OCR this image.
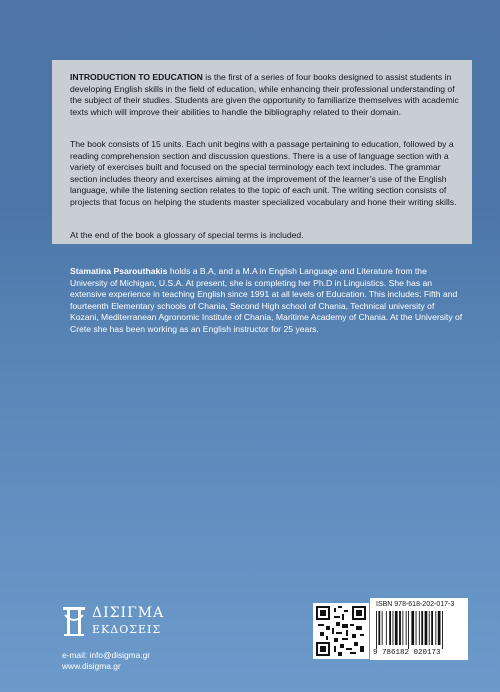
INTRODUCTION TO EDUCATION is the first of a series of four books designed to assist students in developing English skills in the field of education, while enhancing their professional understanding of the subject of their studies. Students are given the opportunity to familiarize themselves with academic texts which will improve their abilities to handle the bibliography related to their domain.

The book consists of 15 units. Each unit begins with a passage pertaining to education, followed by a reading comprehension section and discussion questions. There is a use of language section with a variety of exercises built and focused on the special terminology each text includes. The grammar section includes theory and exercises aiming at the improvement of the learner’s use of the English language, while the listening section relates to the topic of each unit. The writing section consists of projects that focus on helping the students master specialized vocabulary and hone their writing skills.

At the end of the book a glossary of special terms is included.

Stamatina Psarouthakis holds a B.A, and a M.A in English Language and Literature from the University of Michigan, U.S.A. At present, she is completing her Ph.D in Linguistics. She has an extensive experience in teaching English since 1991 at all levels of Education. This includes: Fifth and fourteenth Elementary schools of Chania, Second High school of Chania, Technical university of Kozani, Mediterranean Agronomic Institute of Chania, Maritime Academy of Chania. At the University of Crete she has been working as an English instructor for 25 years.

ΔΙΣΙΓΜΑ
ΕΚΔΟΣΕΙΣ
e-mail: info@disigma.gr
www.disigma.gr
ISBN 978-618-202-017-3
9 786182 020173
